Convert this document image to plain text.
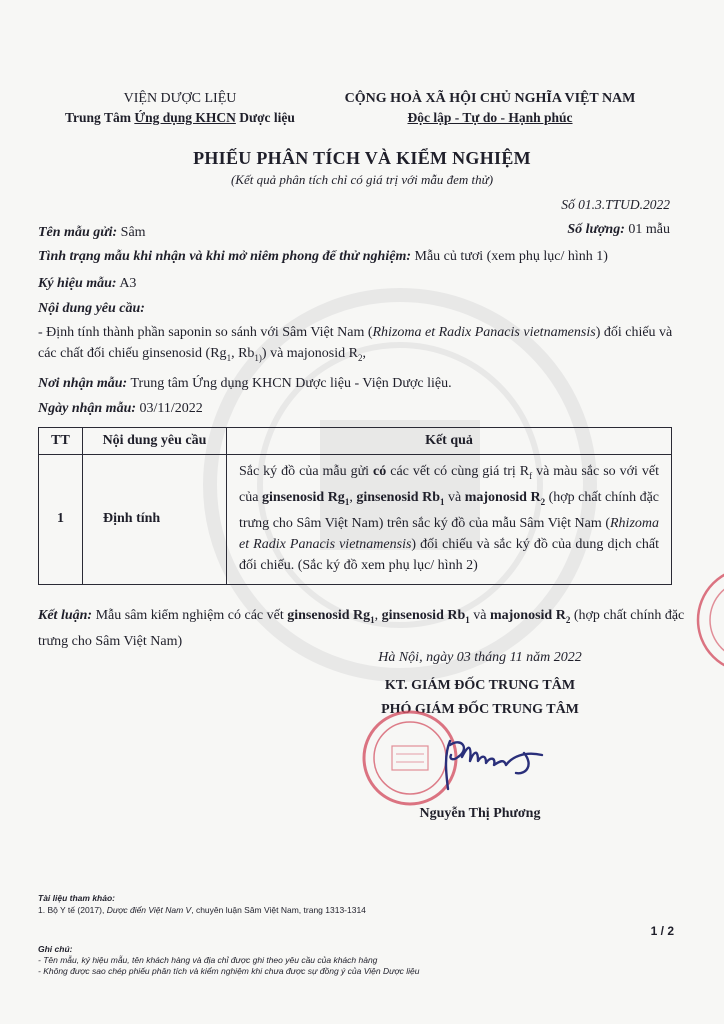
VIỆN DƯỢC LIỆU
Trung Tâm Ứng dụng KHCN Dược liệu
CỘNG HOÀ XÃ HỘI CHỦ NGHĨA VIỆT NAM
Độc lập - Tự do - Hạnh phúc
PHIẾU PHÂN TÍCH VÀ KIỂM NGHIỆM
(Kết quả phân tích chỉ có giá trị với mẫu đem thử)
Số 01.3.TTUD.2022
Tên mẫu gửi: Sâm	Số lượng: 01 mẫu
Tình trạng mẫu khi nhận và khi mở niêm phong để thử nghiệm: Mẫu củ tươi (xem phụ lục/ hình 1)
Ký hiệu mẫu: A3
Nội dung yêu cầu:
- Định tính thành phần saponin so sánh với Sâm Việt Nam (Rhizoma et Radix Panacis vietnamensis) đối chiếu và các chất đối chiếu ginsenosid ($Rg_1$, $Rb_{1)}$) và majonosid $R_2$,
Nơi nhận mẫu: Trung tâm Ứng dụng KHCN Dược liệu - Viện Dược liệu.
Ngày nhận mẫu: 03/11/2022
TT	Nội dung yêu cầu	Kết quả
1	Định tính	Sắc ký đồ của mẫu gửi có các vết có cùng giá trị $R_f$ và màu sắc so với vết của ginsenosid $Rg_1$, ginsenosid $Rb_1$ và majonosid $R_2$ (hợp chất chính đặc trưng cho Sâm Việt Nam) trên sắc ký đồ của mẫu Sâm Việt Nam (Rhizoma et Radix Panacis vietnamensis) đối chiếu và sắc ký đồ của dung dịch chất đối chiếu. (Sắc ký đồ xem phụ lục/ hình 2)
Kết luận: Mẫu sâm kiểm nghiệm có các vết ginsenosid $Rg_1$, ginsenosid $Rb_1$ và majonosid $R_2$ (hợp chất chính đặc trưng cho Sâm Việt Nam)
Hà Nội, ngày 03 tháng 11 năm 2022
KT. GIÁM ĐỐC TRUNG TÂM
PHÓ GIÁM ĐỐC TRUNG TÂM
Nguyễn Thị Phương
Tài liệu tham khảo:
1. Bộ Y tế (2017), Dược điển Việt Nam V, chuyên luận Sâm Việt Nam, trang 1313-1314
1 / 2
Ghi chú:
- Tên mẫu, ký hiệu mẫu, tên khách hàng và địa chỉ được ghi theo yêu cầu của khách hàng
- Không được sao chép phiếu phân tích và kiểm nghiệm khi chưa được sự đồng ý của Viện Dược liệu
